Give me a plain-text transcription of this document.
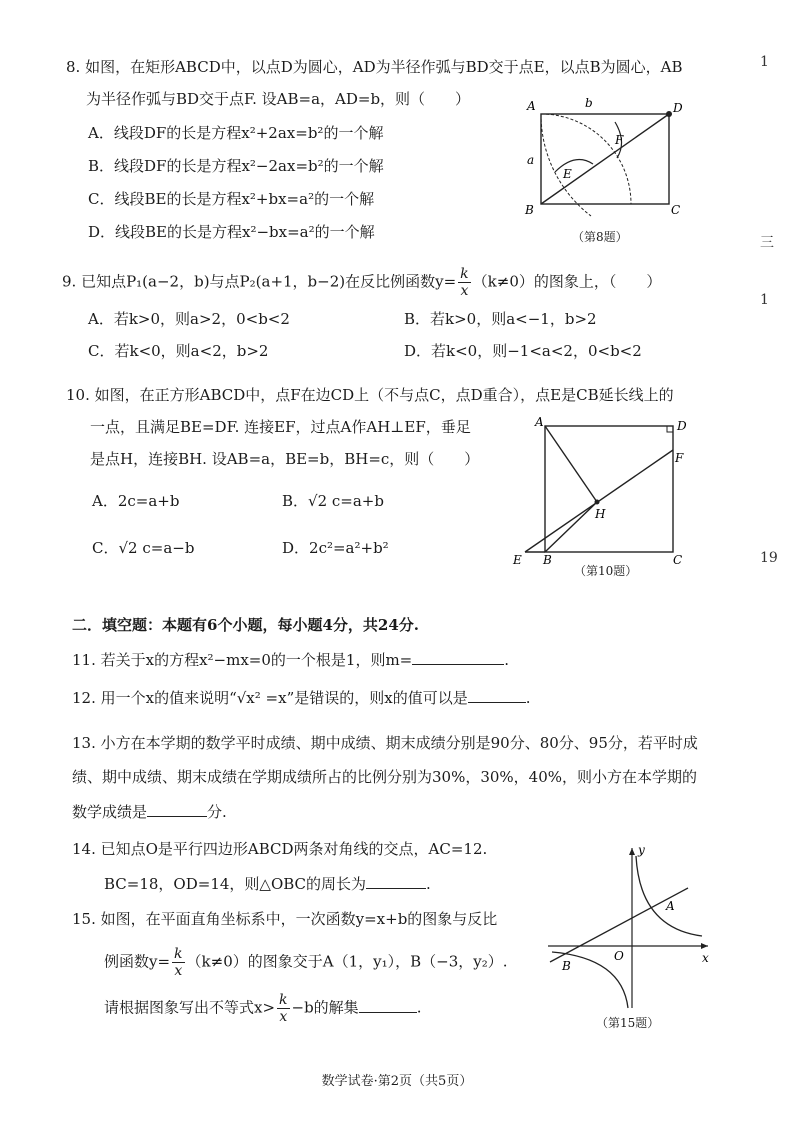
8. 如图，在矩形ABCD中，以点D为圆心，AD为半径作弧与BD交于点E，以点B为圆心，AB
为半径作弧与BD交于点F. 设AB=a，AD=b，则（　　）
A．线段DF的长是方程x²+2ax=b²的一个解
B．线段DF的长是方程x²−2ax=b²的一个解
C．线段BE的长是方程x²+bx=a²的一个解
D．线段BE的长是方程x²−bx=a²的一个解
A	D
B	C
E
F
a
b
（第8题）
9. 已知点P₁(a−2，b)与点P₂(a+1，b−2)在反比例函数$y= \frac{k}{x} (k\ne 0)$的图象上，（　　）
A．若k>0，则a>2，0<b<2	B．若k>0，则a<−1，b>2
C．若k<0，则a<2，b>2	D．若k<0，则−1<a<2，0<b<2
10. 如图，在正方形ABCD中，点F在边CD上（不与点C，点D重合），点E是CB延长线上的
一点，且满足BE=DF. 连接EF，过点A作AH⊥EF，垂足
是点H，连接BH. 设AB=a，BE=b，BH=c，则（　　）
A．2c=a+b	B．√2 c=a+b
C．√2 c=a−b	D．2c²=a²+b²
A	D
F
H
E B	C
（第10题）
二．填空题：本题有6个小题，每小题4分，共24分.
11. 若关于x的方程x²−mx=0的一个根是1，则m=	.
12. 用一个x的值来说明“√x² =x”是错误的，则x的值可以是	.
13. 小方在本学期的数学平时成绩、期中成绩、期末成绩分别是90分、80分、95分，若平时成
绩、期中成绩、期末成绩在学期成绩所占的比例分别为30%，30%，40%，则小方在本学期的
数学成绩是	分.
14. 已知点O是平行四边形ABCD两条对角线的交点，AC=12.
BC=18，OD=14，则△OBC的周长为	.
15. 如图，在平面直角坐标系中，一次函数y=x+b的图象与反比
例函数$y= \frac{k}{x} (k\ne 0)$的图象交于A（1，y₁），B（−3，y₂）.
请根据图象写出不等式$x> \frac{k}{x} -b$的解集	.
y
x
O
A
B
（第15题）
1
三
1
19
数学试卷·第2页（共5页）
